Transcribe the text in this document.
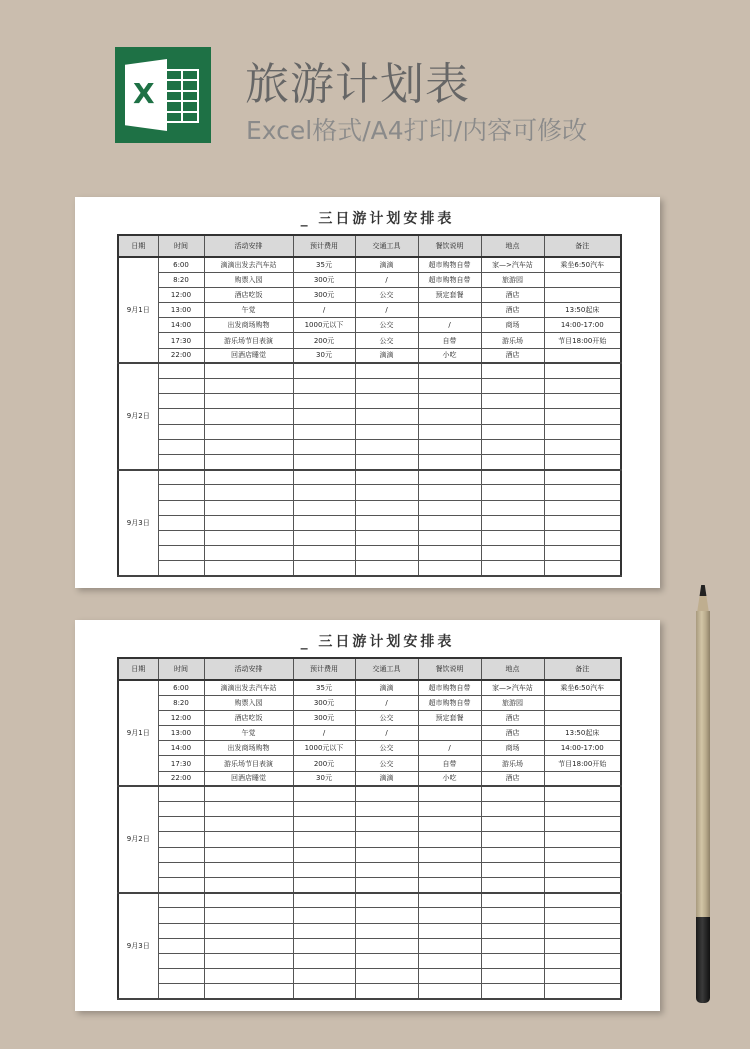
X 旅游计划表
Excel格式/A4打印/内容可修改
_ 三日游计划安排表
日期	时间	活动安排	预计费用	交通工具	餐饮说明	地点	备注
9月1日	6:00	滴滴出发去汽车站	35元	滴滴	超市购物自带	家—>汽车站	乘坐6:50汽车
	8:20	购票入园	300元	/	超市购物自带	旅游园	
	12:00	酒店吃饭	300元	公交	预定套餐	酒店	
	13:00	午觉	/	/		酒店	13:50起床
	14:00	出发商场购物	1000元以下	公交	/	商场	14:00-17:00
	17:30	游乐场节目表演	200元	公交	自带	游乐场	节目18:00开始
	22:00	回酒店睡觉	30元	滴滴	小吃	酒店	
9月2日							

9月3日							

_ 三日游计划安排表
日期	时间	活动安排	预计费用	交通工具	餐饮说明	地点	备注
9月1日	6:00	滴滴出发去汽车站	35元	滴滴	超市购物自带	家—>汽车站	乘坐6:50汽车
	8:20	购票入园	300元	/	超市购物自带	旅游园	
	12:00	酒店吃饭	300元	公交	预定套餐	酒店	
	13:00	午觉	/	/		酒店	13:50起床
	14:00	出发商场购物	1000元以下	公交	/	商场	14:00-17:00
	17:30	游乐场节目表演	200元	公交	自带	游乐场	节目18:00开始
	22:00	回酒店睡觉	30元	滴滴	小吃	酒店	
9月2日							

9月3日							
